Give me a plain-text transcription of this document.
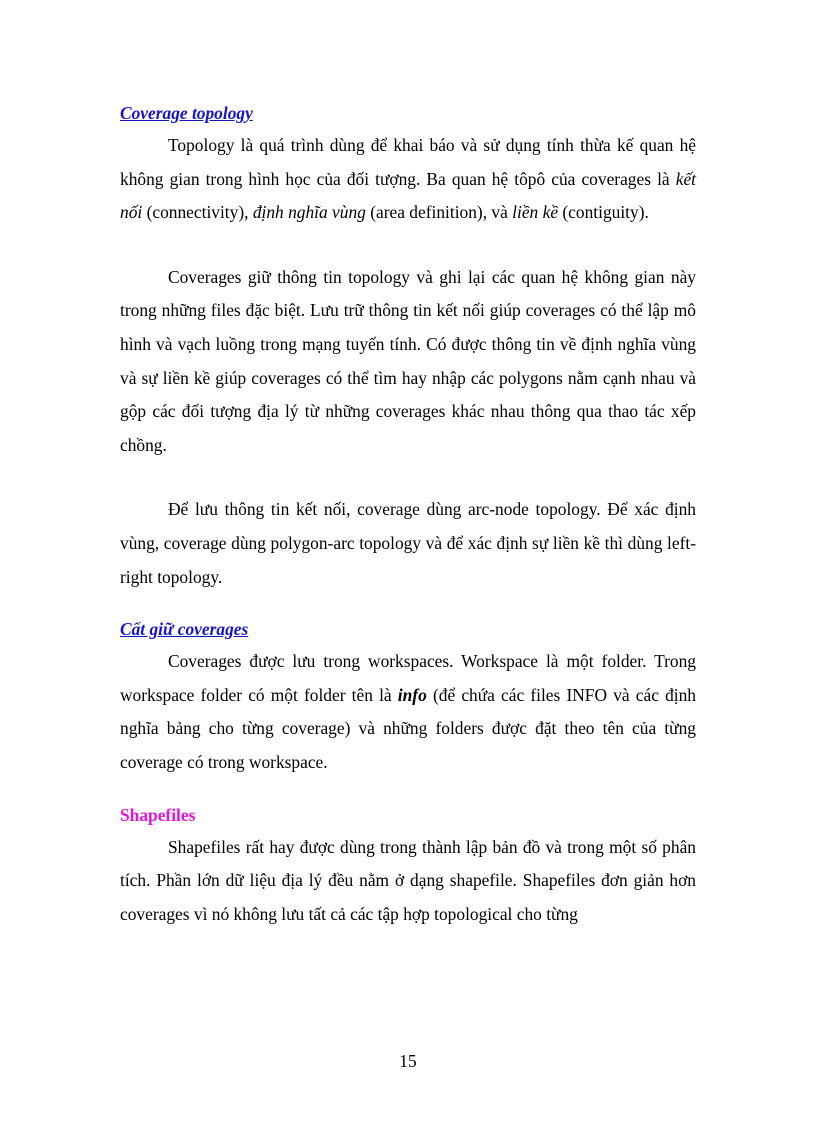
Coverage topology

Topology là quá trình dùng để khai báo và sử dụng tính thừa kế quan hệ không gian trong hình học của đối tượng. Ba quan hệ tôpô của coverages là kết nối (connectivity), định nghĩa vùng (area definition), và liền kề (contiguity).

Coverages giữ thông tin topology và ghi lại các quan hệ không gian này trong những files đặc biệt. Lưu trữ thông tin kết nối giúp coverages có thể lập mô hình và vạch luồng trong mạng tuyến tính. Có được thông tin về định nghĩa vùng và sự liền kề giúp coverages có thể tìm hay nhập các polygons nằm cạnh nhau và gộp các đối tượng địa lý từ những coverages khác nhau thông qua thao tác xếp chồng.

Để lưu thông tin kết nối, coverage dùng arc-node topology. Để xác định vùng, coverage dùng polygon-arc topology và để xác định sự liền kề thì dùng left-right topology.

Cất giữ coverages

Coverages được lưu trong workspaces. Workspace là một folder. Trong workspace folder có một folder tên là info (để chứa các files INFO và các định nghĩa bảng cho từng coverage) và những folders được đặt theo tên của từng coverage có trong workspace.

Shapefiles

Shapefiles rất hay được dùng trong thành lập bản đồ và trong một số phân tích. Phần lớn dữ liệu địa lý đều nằm ở dạng shapefile. Shapefiles đơn giản hơn coverages vì nó không lưu tất cả các tập hợp topological cho từng

15
